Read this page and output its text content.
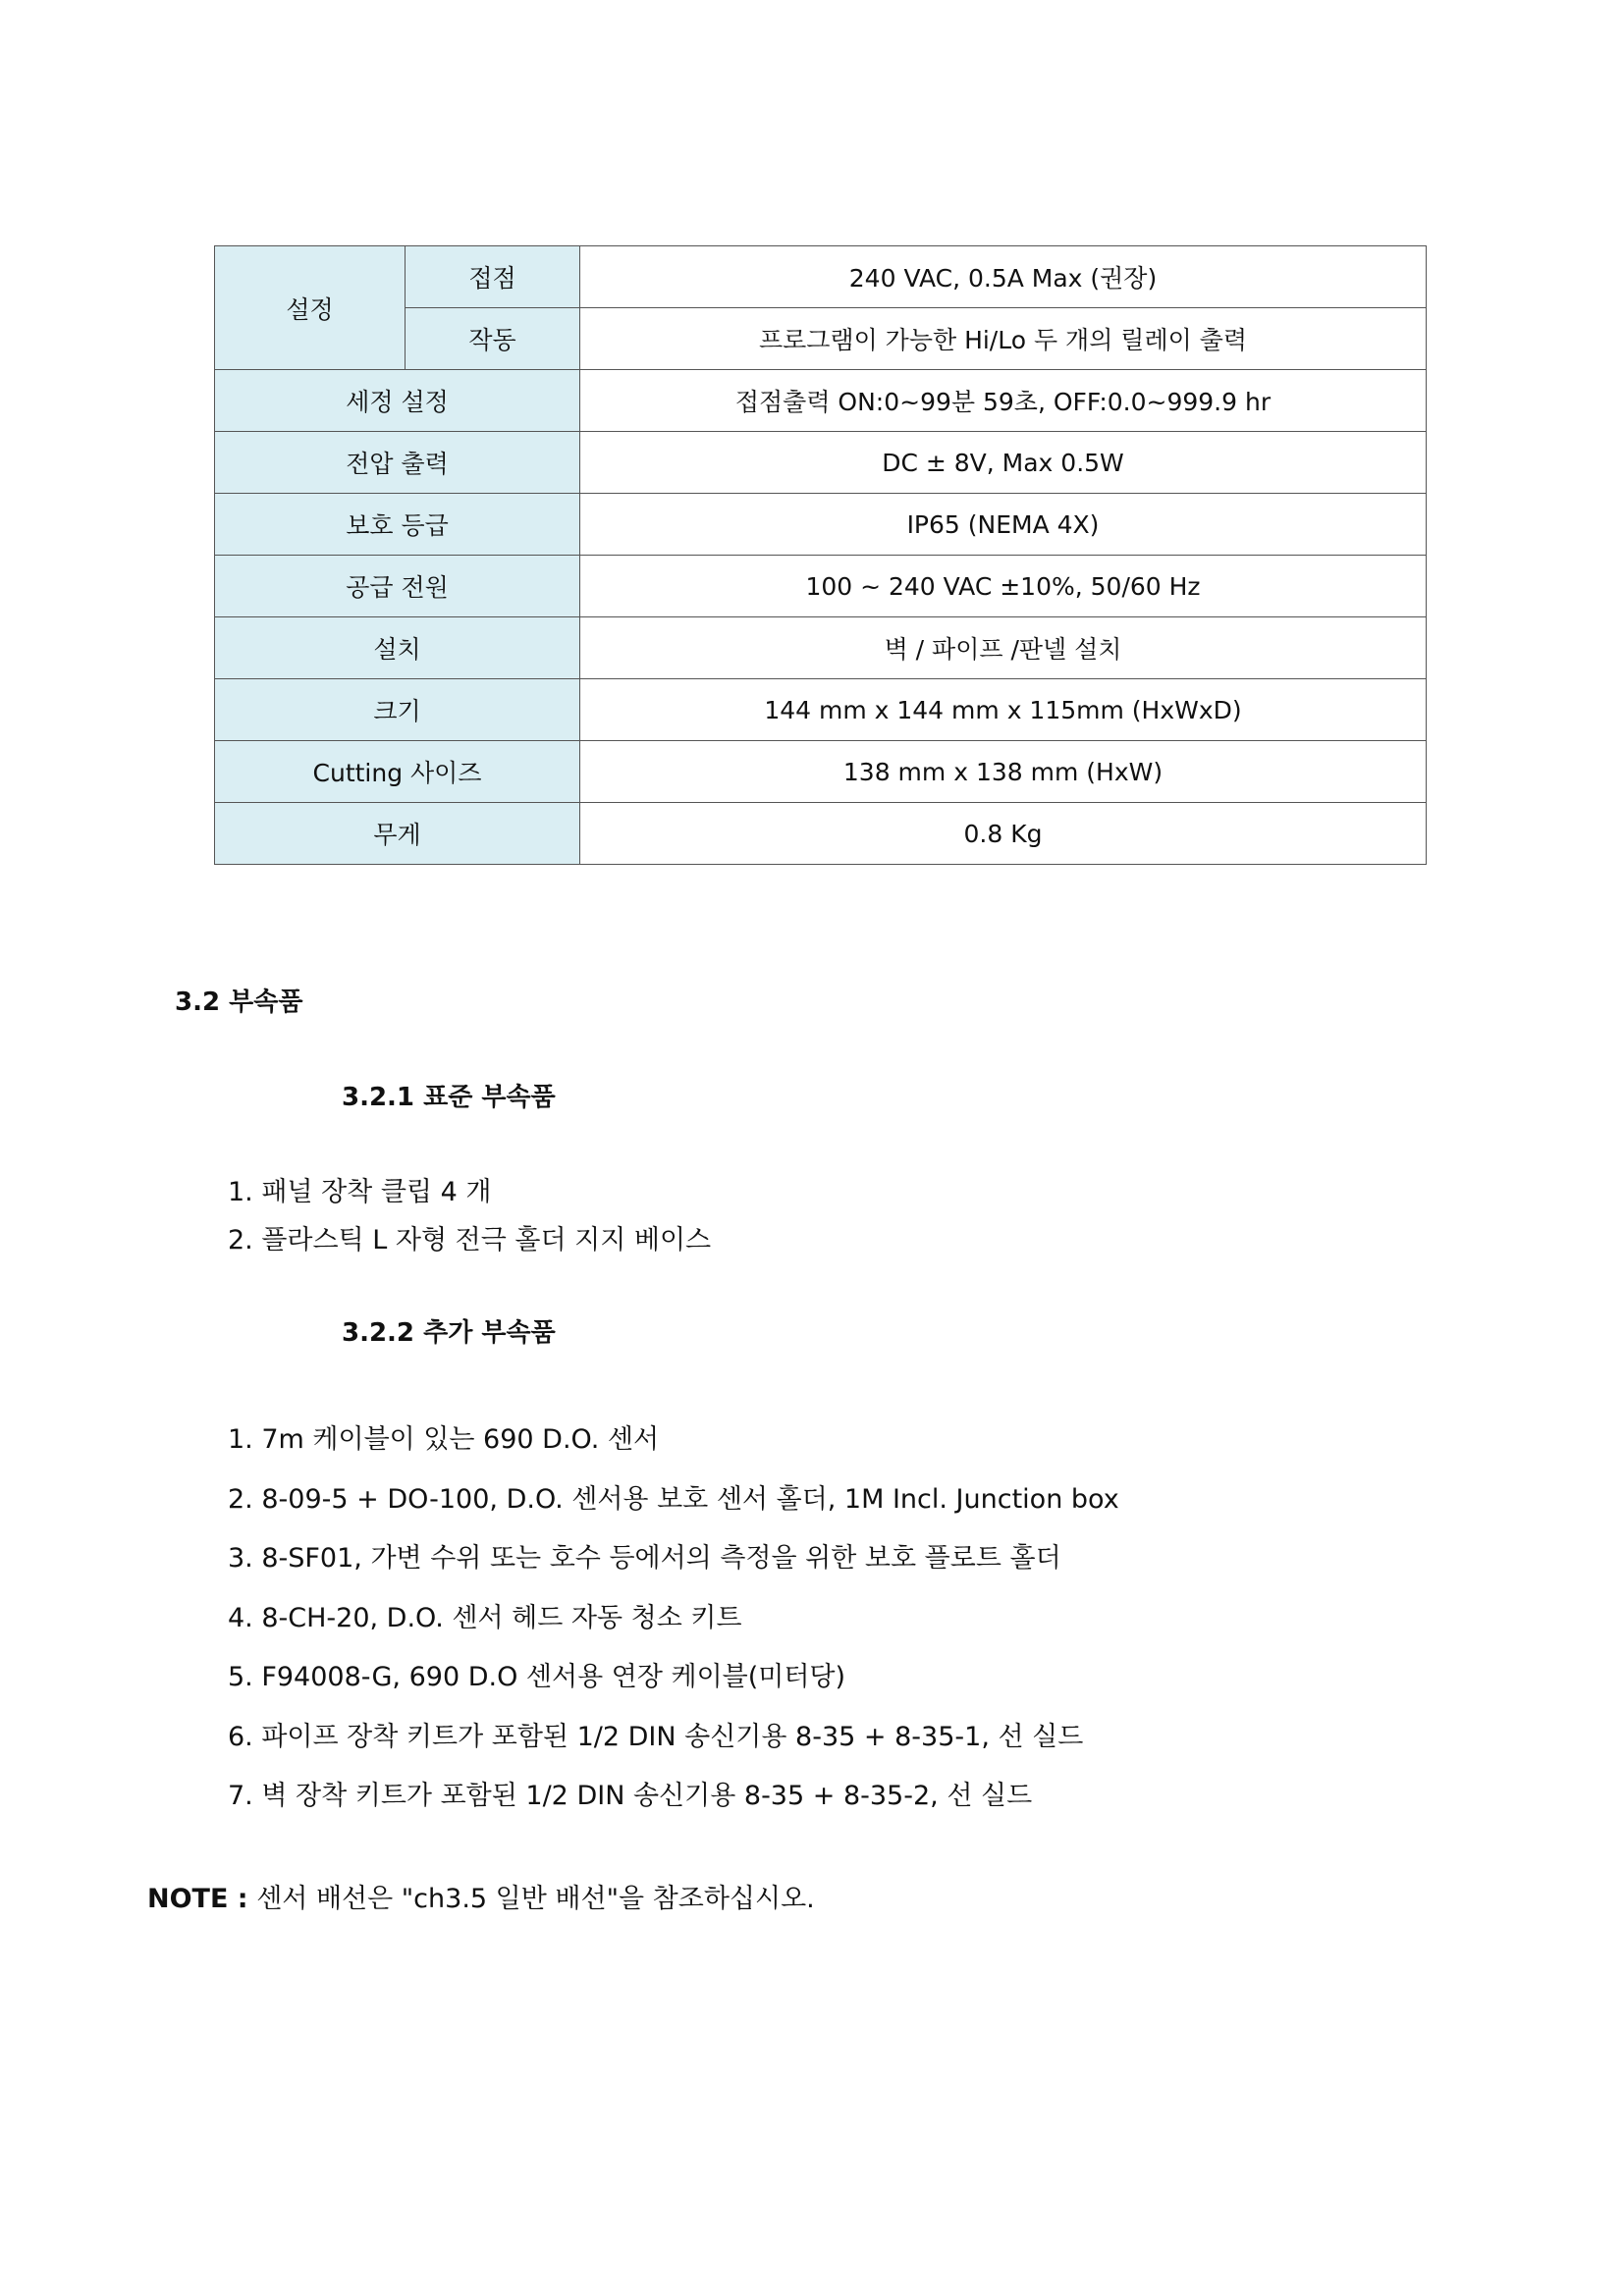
설정	접점	240 VAC, 0.5A Max (권장)
	작동	프로그램이 가능한 Hi/Lo 두 개의 릴레이 출력
세정 설정		접점출력 ON:0~99분 59초, OFF:0.0~999.9 hr
전압 출력		DC ± 8V, Max 0.5W
보호 등급		IP65 (NEMA 4X)
공급 전원		100 ~ 240 VAC ±10%, 50/60 Hz
설치		벽 / 파이프 /판넬 설치
크기		144 mm x 144 mm x 115mm (HxWxD)
Cutting 사이즈		138 mm x 138 mm (HxW)
무게		0.8 Kg
3.2 부속품
3.2.1 표준 부속품
1. 패널 장착 클립 4 개
2. 플라스틱 L 자형 전극 홀더 지지 베이스
3.2.2 추가 부속품
1. 7m 케이블이 있는 690 D.O. 센서
2. 8-09-5 + DO-100, D.O. 센서용 보호 센서 홀더, 1M Incl. Junction box
3. 8-SF01, 가변 수위 또는 호수 등에서의 측정을 위한 보호 플로트 홀더
4. 8-CH-20, D.O. 센서 헤드 자동 청소 키트
5. F94008-G, 690 D.O 센서용 연장 케이블(미터당)
6. 파이프 장착 키트가 포함된 1/2 DIN 송신기용 8-35 + 8-35-1, 선 실드
7. 벽 장착 키트가 포함된 1/2 DIN 송신기용 8-35 + 8-35-2, 선 실드
NOTE : 센서 배선은 "ch3.5 일반 배선"을 참조하십시오.
